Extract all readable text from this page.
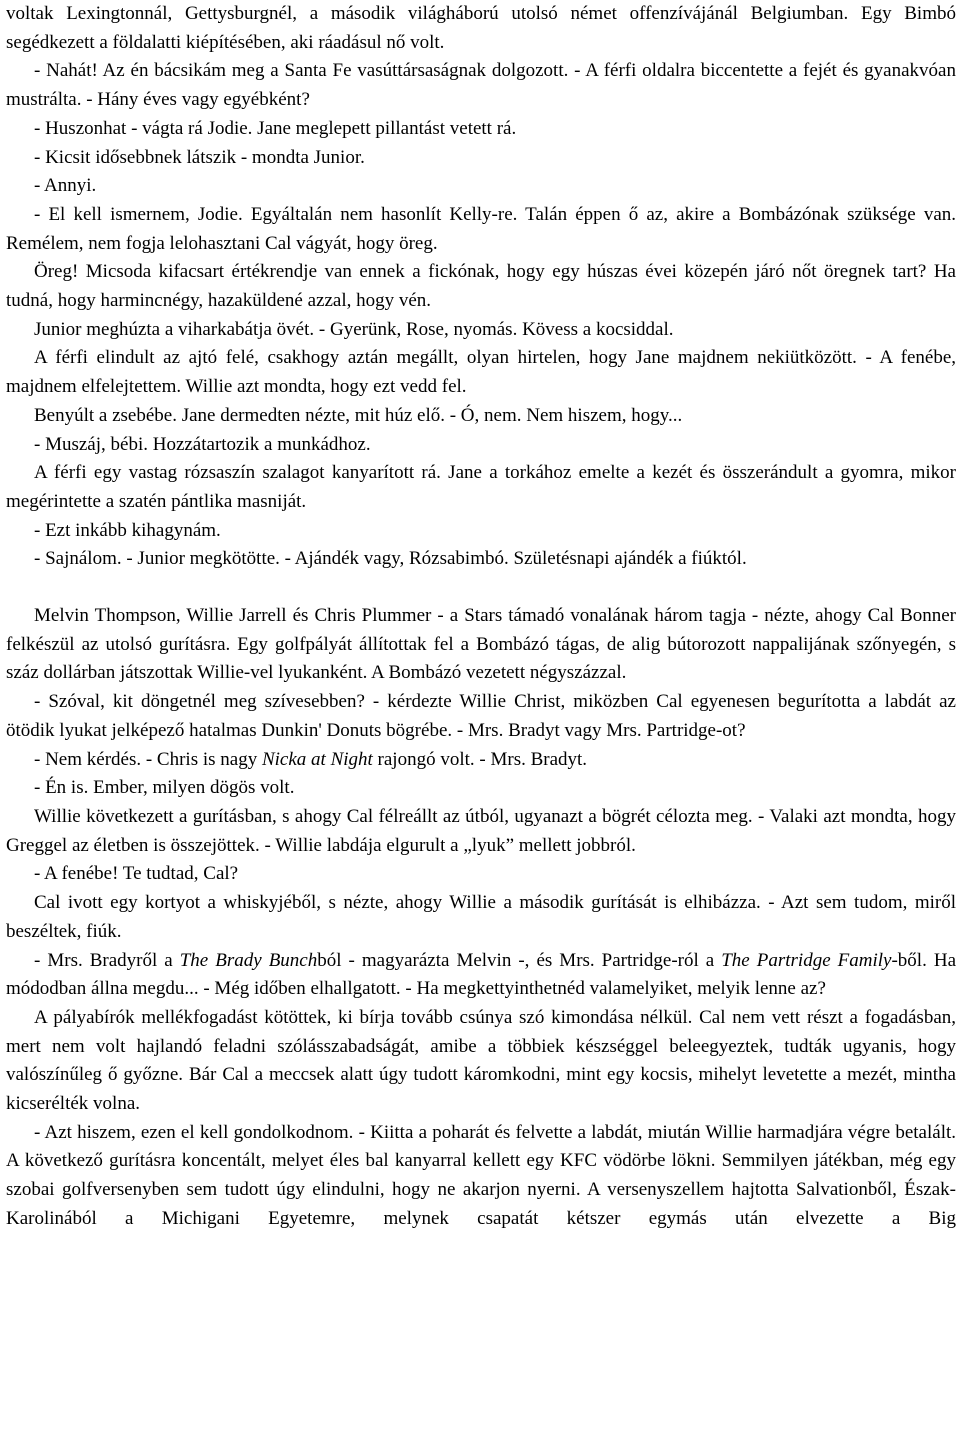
voltak Lexingtonnál, Gettysburgnél, a második világháború utolsó német offenzívájánál Belgiumban. Egy Bimbó segédkezett a földalatti kiépítésében, aki ráadásul nő volt.

- Nahát! Az én bácsikám meg a Santa Fe vasúttársaságnak dolgozott. - A férfi oldalra biccentette a fejét és gyanakvóan mustrálta. - Hány éves vagy egyébként?

- Huszonhat - vágta rá Jodie. Jane meglepett pillantást vetett rá.

- Kicsit idősebbnek látszik - mondta Junior.

- Annyi.

- El kell ismernem, Jodie. Egyáltalán nem hasonlít Kelly-re. Talán éppen ő az, akire a Bombázónak szüksége van. Remélem, nem fogja lelohasztani Cal vágyát, hogy öreg.

Öreg! Micsoda kifacsart értékrendje van ennek a fickónak, hogy egy húszas évei közepén járó nőt öregnek tart? Ha tudná, hogy harmincnégy, hazaküldené azzal, hogy vén.

Junior meghúzta a viharkabátja övét. - Gyerünk, Rose, nyomás. Kövess a kocsiddal.

A férfi elindult az ajtó felé, csakhogy aztán megállt, olyan hirtelen, hogy Jane majdnem nekiütközött. - A fenébe, majdnem elfelejtettem. Willie azt mondta, hogy ezt vedd fel.

Benyúlt a zsebébe. Jane dermedten nézte, mit húz elő. - Ó, nem. Nem hiszem, hogy...

- Muszáj, bébi. Hozzátartozik a munkádhoz.

A férfi egy vastag rózsaszín szalagot kanyarított rá. Jane a torkához emelte a kezét és összerándult a gyomra, mikor megérintette a szatén pántlika masniját.

- Ezt inkább kihagynám.

- Sajnálom. - Junior megkötötte. - Ajándék vagy, Rózsabimbó. Születésnapi ajándék a fiúktól.

Melvin Thompson, Willie Jarrell és Chris Plummer - a Stars támadó vonalának három tagja - nézte, ahogy Cal Bonner felkészül az utolsó gurításra. Egy golfpályát állítottak fel a Bombázó tágas, de alig bútorozott nappalijának szőnyegén, s száz dollárban játszottak Willie-vel lyukanként. A Bombázó vezetett négyszázzal.

- Szóval, kit döngetnél meg szívesebben? - kérdezte Willie Christ, miközben Cal egyenesen begurította a labdát az ötödik lyukat jelképező hatalmas Dunkin' Donuts bögrébe. - Mrs. Bradyt vagy Mrs. Partridge-ot?

- Nem kérdés. - Chris is nagy Nicka at Night rajongó volt. - Mrs. Bradyt.

- Én is. Ember, milyen dögös volt.

Willie következett a gurításban, s ahogy Cal félreállt az útból, ugyanazt a bögrét célozta meg. - Valaki azt mondta, hogy Greggel az életben is összejöttek. - Willie labdája elgurult a „lyuk” mellett jobbról.

- A fenébe! Te tudtad, Cal?

Cal ivott egy kortyot a whiskyjéből, s nézte, ahogy Willie a második gurítását is elhibázza. - Azt sem tudom, miről beszéltek, fiúk.

- Mrs. Bradyről a The Brady Bunchból - magyarázta Melvin -, és Mrs. Partridge-ról a The Partridge Family-ből. Ha módodban állna megdu... - Még időben elhallgatott. - Ha megkettyinthetnéd valamelyiket, melyik lenne az?

A pályabírók mellékfogadást kötöttek, ki bírja tovább csúnya szó kimondása nélkül. Cal nem vett részt a fogadásban, mert nem volt hajlandó feladni szólásszabadságát, amibe a többiek készséggel beleegyeztek, tudták ugyanis, hogy valószínűleg ő győzne. Bár Cal a meccsek alatt úgy tudott káromkodni, mint egy kocsis, mihelyt levetette a mezét, mintha kicserélték volna.

- Azt hiszem, ezen el kell gondolkodnom. - Kiitta a poharát és felvette a labdát, miután Willie harmadjára végre betalált. A következő gurításra koncentált, melyet éles bal kanyarral kellett egy KFC vödörbe lökni. Semmilyen játékban, még egy szobai golfversenyben sem tudott úgy elindulni, hogy ne akarjon nyerni. A versenyszellem hajtotta Salvationből, Észak-Karolinából a Michigani Egyetemre, melynek csapatát kétszer egymás után elvezette a Big
